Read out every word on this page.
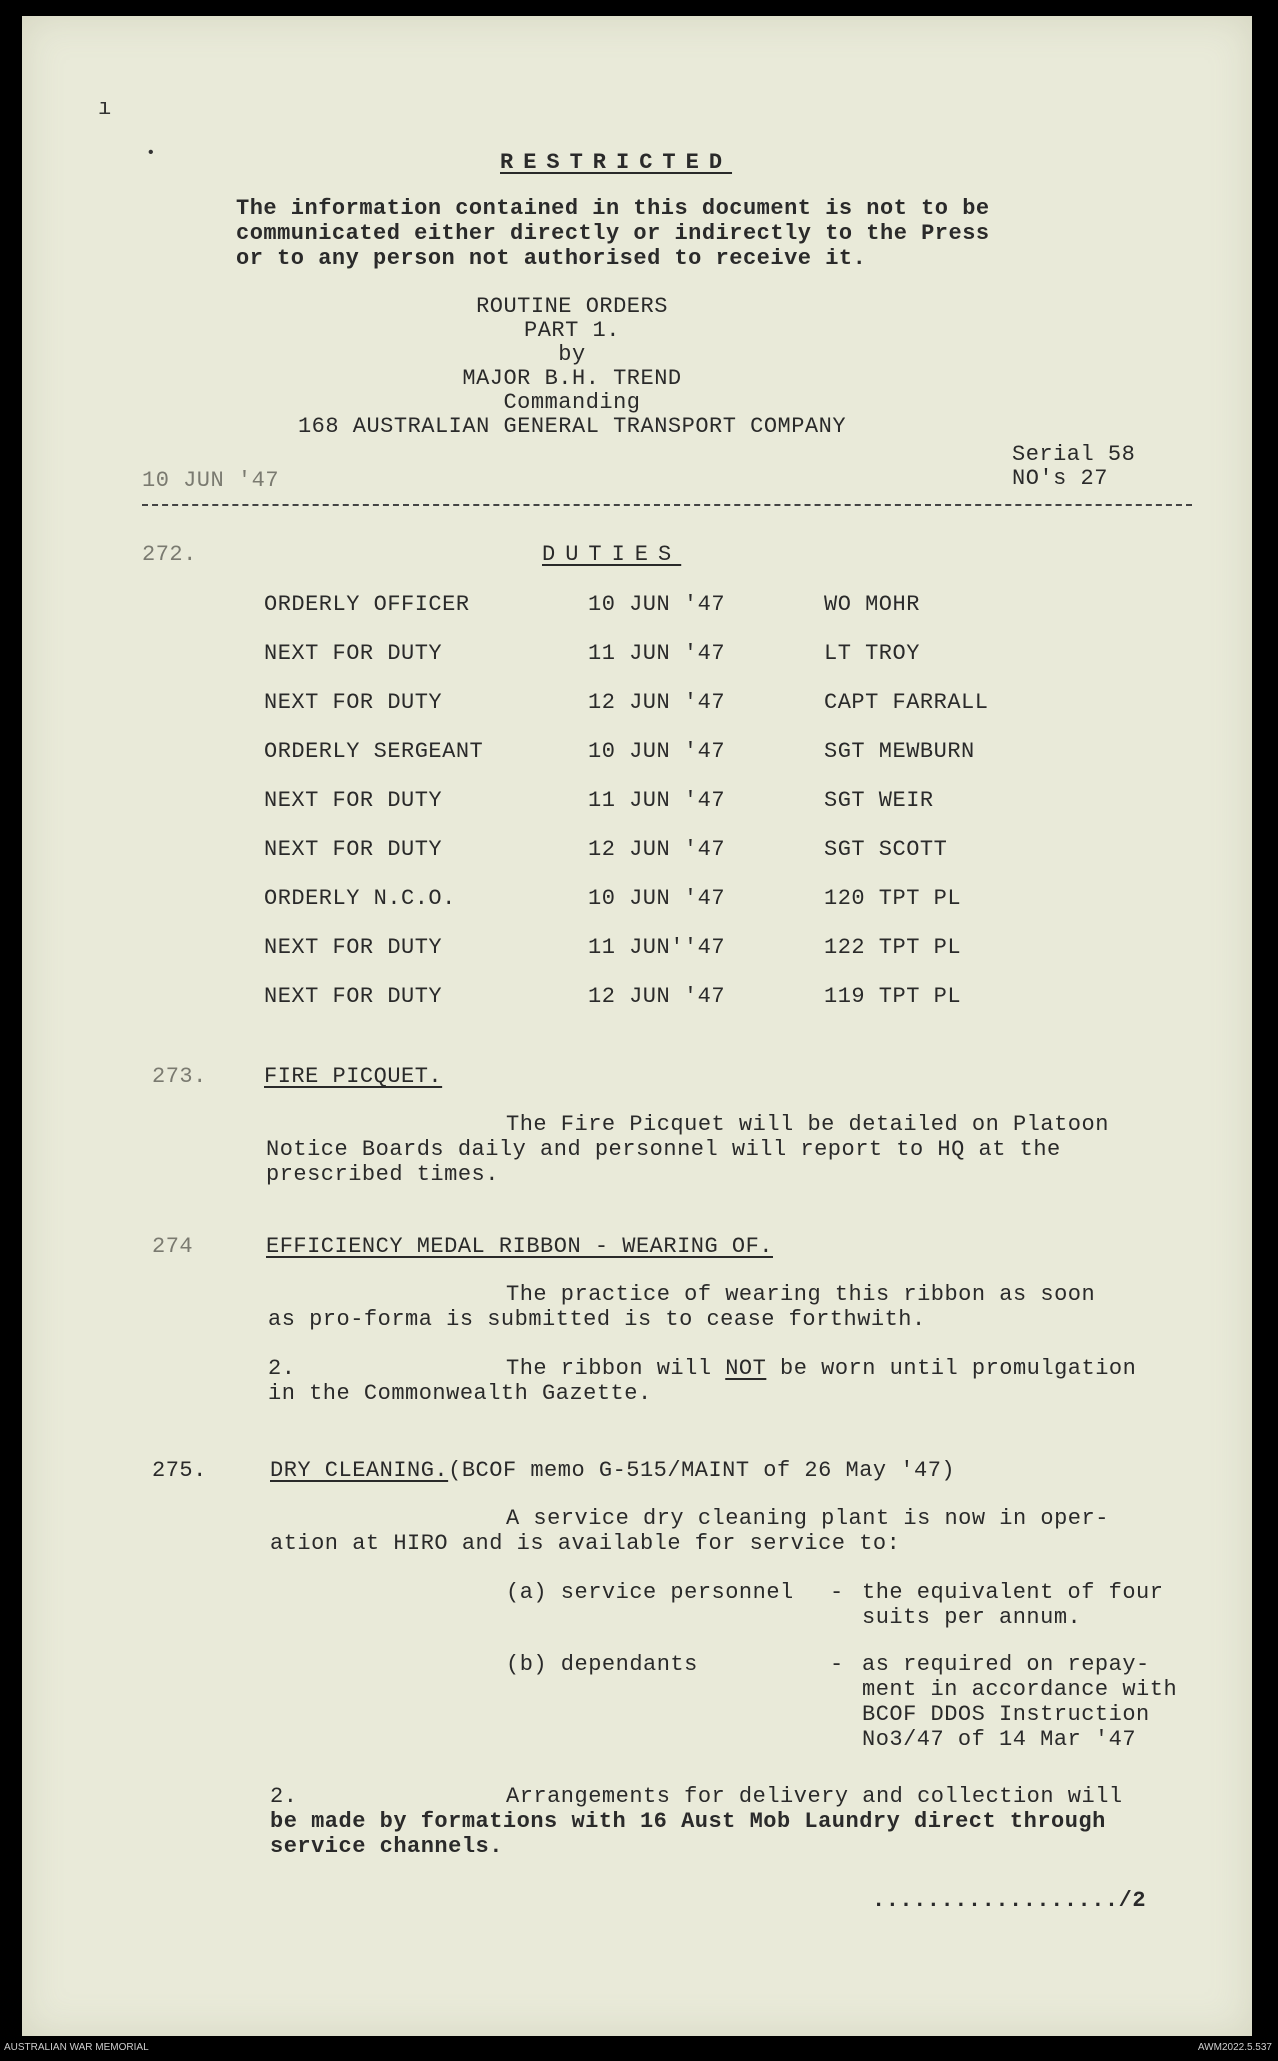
ı
•	RESTRICTED
The information contained in this document is not to be
communicated either directly or indirectly to the Press
or to any person not authorised to receive it.
ROUTINE ORDERS
PART 1.
by
MAJOR B.H. TREND
Commanding
168 AUSTRALIAN GENERAL TRANSPORT COMPANY
Serial 58
10 JUN '47	NO's 27
272.	DUTIES
ORDERLY OFFICER	10 JUN '47	WO MOHR
NEXT FOR DUTY	11 JUN '47	LT TROY
NEXT FOR DUTY	12 JUN '47	CAPT FARRALL
ORDERLY SERGEANT	10 JUN '47	SGT MEWBURN
NEXT FOR DUTY	11 JUN '47	SGT WEIR
NEXT FOR DUTY	12 JUN '47	SGT SCOTT
ORDERLY N.C.O.	10 JUN '47	120 TPT PL
NEXT FOR DUTY	11 JUN''47	122 TPT PL
NEXT FOR DUTY	12 JUN '47	119 TPT PL
273.	FIRE PICQUET.
The Fire Picquet will be detailed on Platoon
Notice Boards daily and personnel will report to HQ at the
prescribed times.
274	EFFICIENCY MEDAL RIBBON - WEARING OF.
The practice of wearing this ribbon as soon
as pro-forma is submitted is to cease forthwith.
2.	The ribbon will NOT be worn until promulgation
in the Commonwealth Gazette.
275.	DRY CLEANING.(BCOF memo G-515/MAINT of 26 May '47)
A service dry cleaning plant is now in oper-
ation at HIRO and is available for service to:
(a) service personnel - the equivalent of four
suits per annum.
(b) dependants	- as required on repay-
ment in accordance with
BCOF DDOS Instruction
No3/47 of 14 Mar '47
2.	Arrangements for delivery and collection will
be made by formations with 16 Aust Mob Laundry direct through
service channels.
................../2
AUSTRALIAN WAR MEMORIAL	AWM2022.5.537
